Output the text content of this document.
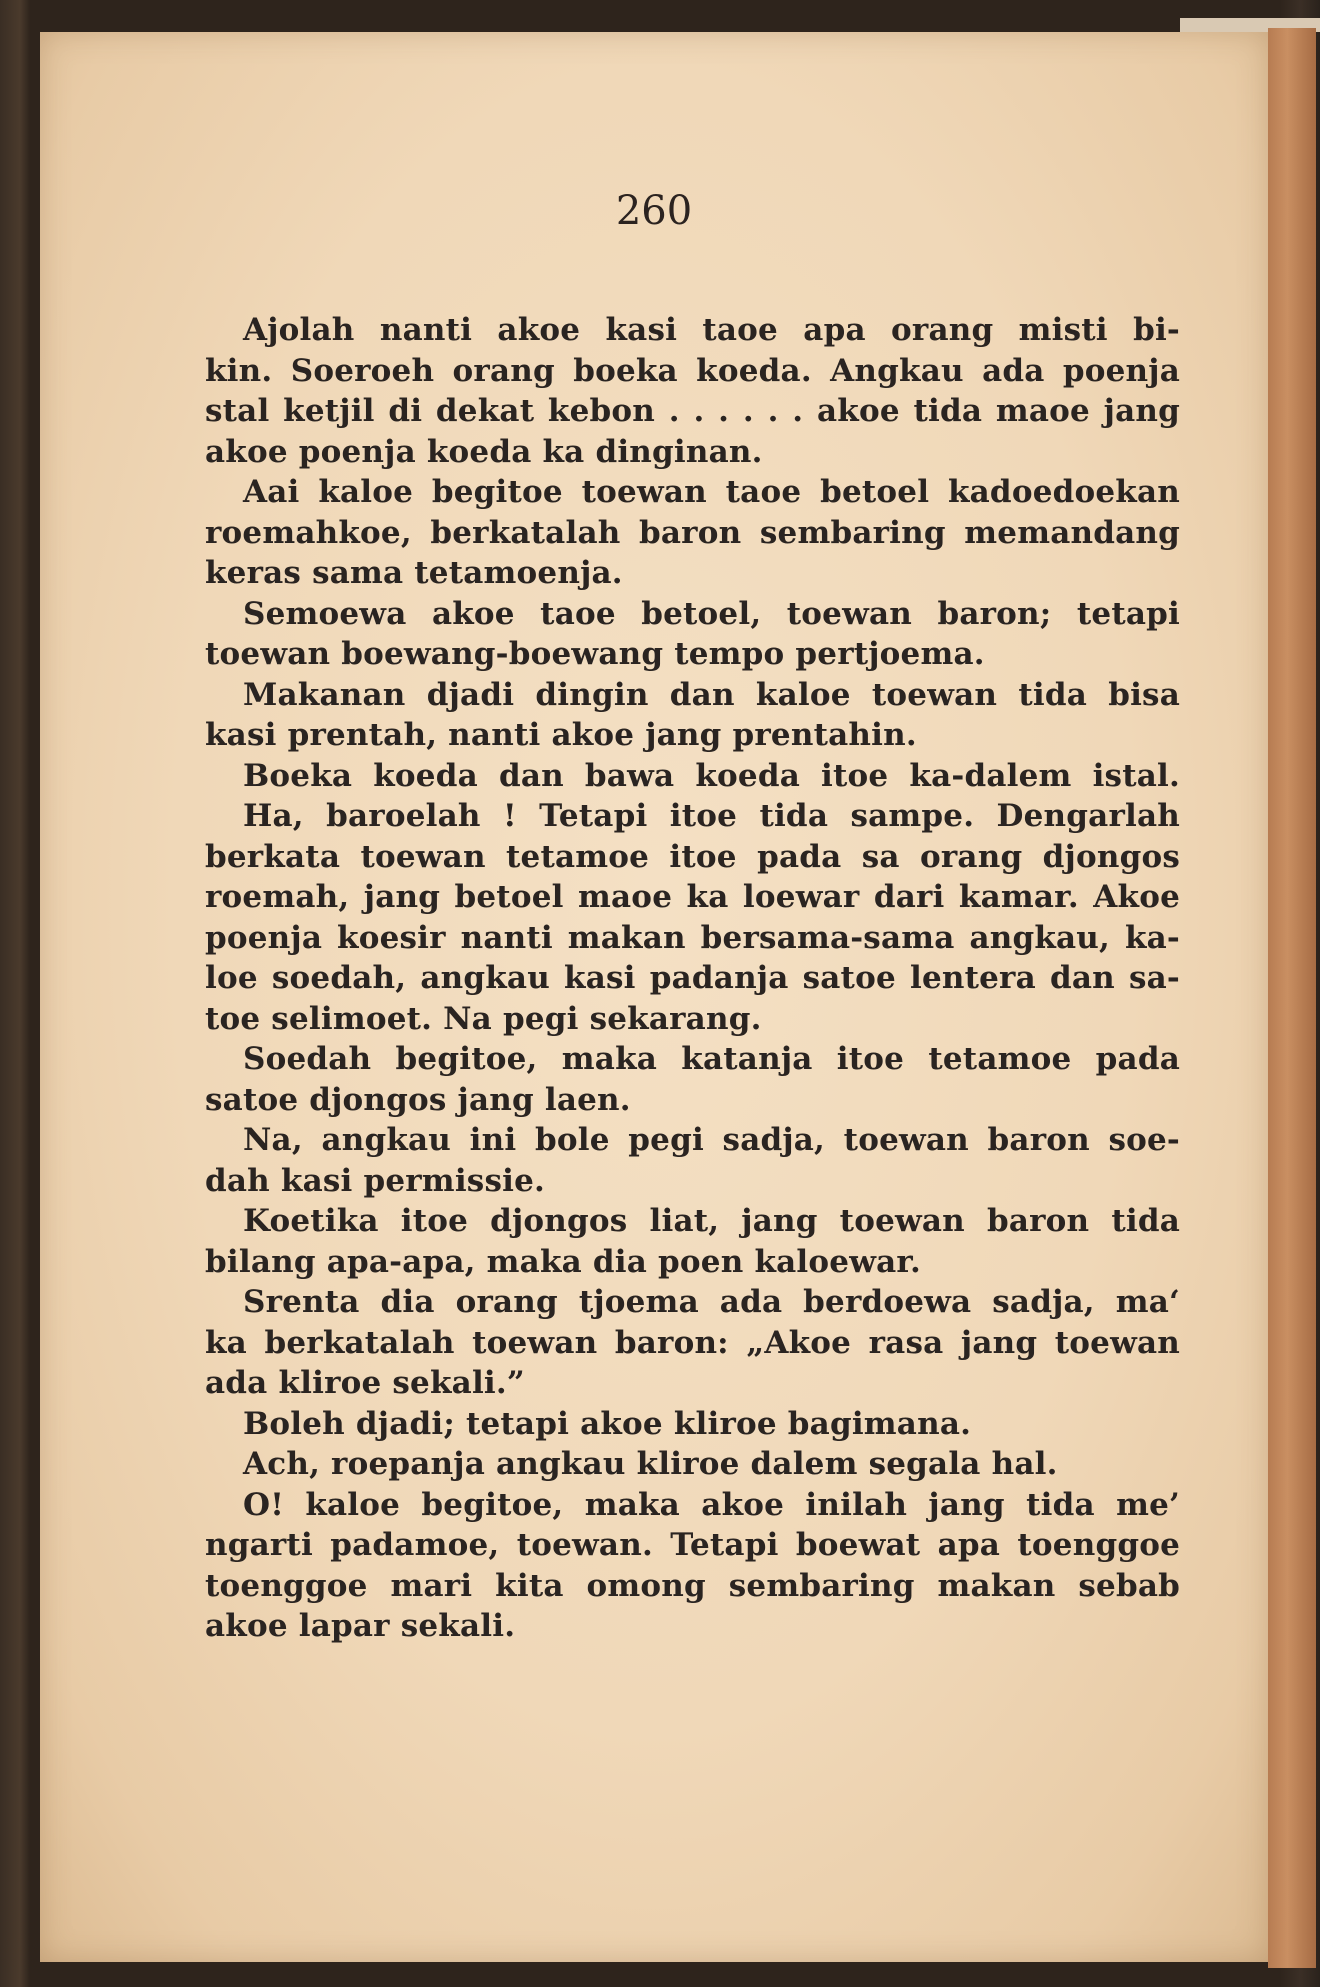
260
Ajolah nanti akoe kasi taoe apa orang misti bi-
kin. Soeroeh orang boeka koeda. Angkau ada poenja
stal ketjil di dekat kebon . . . . . . akoe tida maoe jang
akoe poenja koeda ka dinginan.
Aai kaloe begitoe toewan taoe betoel kadoedoekan
roemahkoe, berkatalah baron sembaring memandang
keras sama tetamoenja.
Semoewa akoe taoe betoel, toewan baron; tetapi
toewan boewang-boewang tempo pertjoema.
Makanan djadi dingin dan kaloe toewan tida bisa
kasi prentah, nanti akoe jang prentahin.
Boeka koeda dan bawa koeda itoe ka-dalem istal.
Ha, baroelah ! Tetapi itoe tida sampe. Dengarlah
berkata toewan tetamoe itoe pada sa orang djongos
roemah, jang betoel maoe ka loewar dari kamar. Akoe
poenja koesir nanti makan bersama-sama angkau, ka-
loe soedah, angkau kasi padanja satoe lentera dan sa-
toe selimoet. Na pegi sekarang.
Soedah begitoe, maka katanja itoe tetamoe pada
satoe djongos jang laen.
Na, angkau ini bole pegi sadja, toewan baron soe-
dah kasi permissie.
Koetika itoe djongos liat, jang toewan baron tida
bilang apa-apa, maka dia poen kaloewar.
Srenta dia orang tjoema ada berdoewa sadja, ma‘
ka berkatalah toewan baron: „Akoe rasa jang toewan
ada kliroe sekali.”
Boleh djadi; tetapi akoe kliroe bagimana.
Ach, roepanja angkau kliroe dalem segala hal.
O! kaloe begitoe, maka akoe inilah jang tida me’
ngarti padamoe, toewan. Tetapi boewat apa toenggoe
toenggoe mari kita omong sembaring makan sebab
akoe lapar sekali.
